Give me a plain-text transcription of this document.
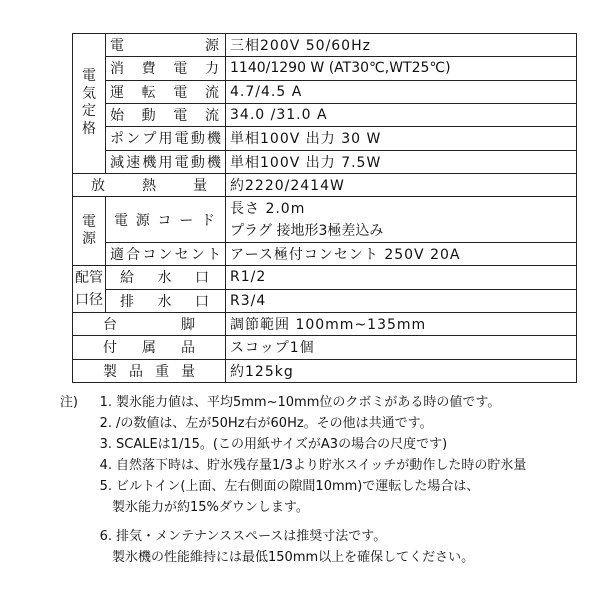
電気定格	電源	三相200V 50/60Hz
	消費電力	1140/1290 W (AT30℃,WT25℃)
	運転電流	4.7/4.5 A
	始動電流	34.0 /31.0 A
	ポンプ用電動機	単相100V 出力 30 W
	減速機用電動機	単相100V 出力 7.5W
放熱量		約2220/2414W
電源	電源コード	長さ 2.0m
プラグ 接地形3極差込み

	適合コンセント	アース極付コンセント 250V 20A
配管口径	給水口	R1/2
	排水口	R3/4
台脚		調節範囲 100mm~135mm
付属品		スコップ1個
製品重量		約125kg
注)	1. 製氷能力値は、平均5mm~10mm位のクボミがある時の値です。
2. /の数値は、左が50Hz右が60Hz。その他は共通です。
3. SCALEは1/15。(この用紙サイズがA3の場合の尺度です)
4. 自然落下時は、貯氷残存量1/3より貯氷スイッチが動作した時の貯氷量
5. ビルトイン(上面、左右側面の隙間10mm)で運転した場合は、
製氷能力が約15%ダウンします。
6. 排気・メンテナンススペースは推奨寸法です。
製氷機の性能維持には最低150mm以上を確保してください。
